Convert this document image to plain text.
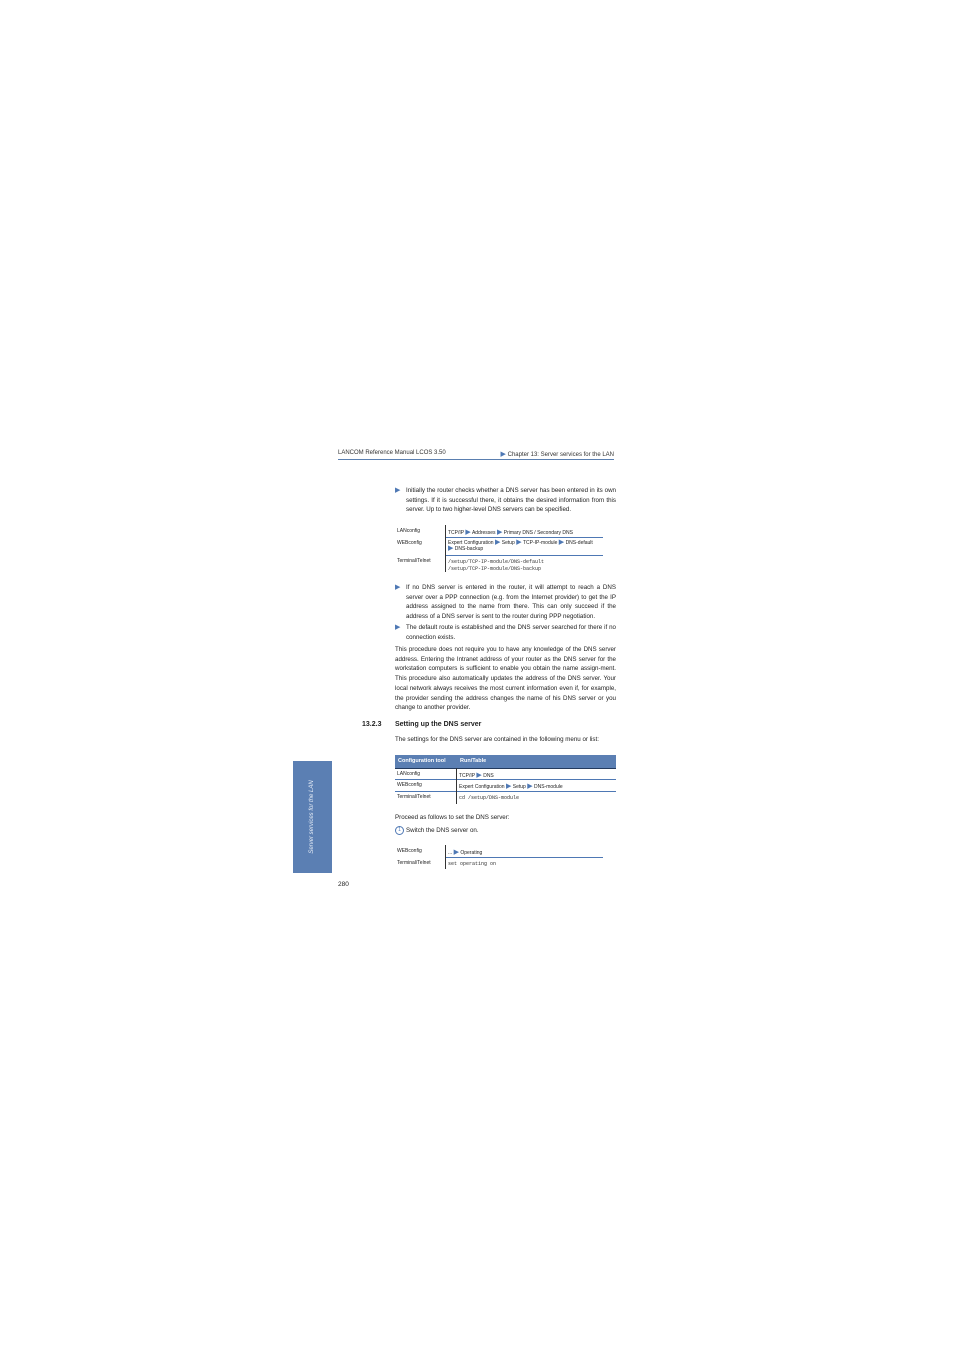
LANCOM Reference Manual LCOS 3.50	▶ Chapter 13: Server services for the LAN
▶ Initially the router checks whether a DNS server has been entered in its own settings. If it is successful there, it obtains the desired information from this server. Up to two higher-level DNS servers can be specified.
LANconfig	TCP/IP ▶ Addresses ▶ Primary DNS / Secondary DNS
WEBconfig	Expert Configuration ▶ Setup ▶ TCP-IP-module ▶ DNS-default
▶ DNS-backup
Terminal/Telnet	/setup/TCP-IP-module/DNS-default
/setup/TCP-IP-module/DNS-backup
▶ If no DNS server is entered in the router, it will attempt to reach a DNS server over a PPP connection (e.g. from the Internet provider) to get the IP address assigned to the name from there. This can only succeed if the address of a DNS server is sent to the router during PPP negotiation.
▶ The default route is established and the DNS server searched for there if no connection exists.
This procedure does not require you to have any knowledge of the DNS server address. Entering the Intranet address of your router as the DNS server for the workstation computers is sufficient to enable you obtain the name assign-ment. This procedure also automatically updates the address of the DNS server. Your local network always receives the most current information even if, for example, the provider sending the address changes the name of his DNS server or you change to another provider.
13.2.3 Setting up the DNS server
The settings for the DNS server are contained in the following menu or list:
Configuration tool	Run/Table
LANconfig	TCP/IP ▶ DNS
WEBconfig	Expert Configuration ▶ Setup ▶ DNS-module
Terminal/Telnet	cd /setup/DNS-module
Proceed as follows to set the DNS server:
1 Switch the DNS server on.
WEBconfig	... ▶ Operating
Terminal/Telnet	set operating on
Server services for the LAN
280
